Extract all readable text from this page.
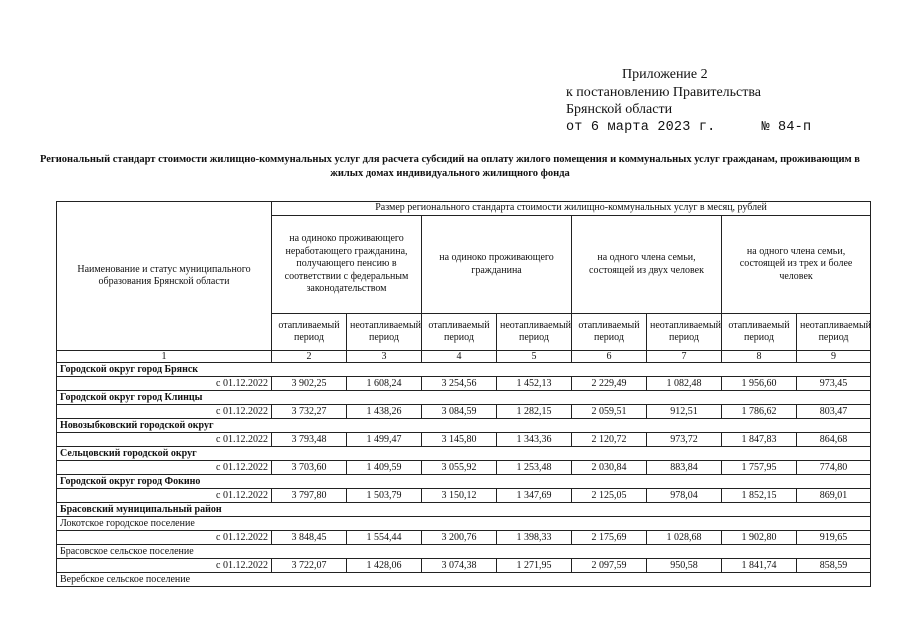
Приложение 2
к постановлению Правительства
Брянской области
от 6 марта 2023 г.	№ 84-п
Региональный стандарт стоимости жилищно-коммунальных услуг для расчета субсидий на оплату жилого помещения и коммунальных услуг гражданам, проживающим в жилых домах индивидуального жилищного фонда
Наименование и статус муниципального образования Брянской области	Размер регионального стандарта стоимости жилищно-коммунальных услуг в месяц, рублей							
	на одиноко проживающего неработающего гражданина, получающего пенсию в соответствии с федеральным законодательством		на одиноко проживающего гражданина		на одного члена семьи, состоящей из двух человек		на одного члена семьи, состоящей из трех и более человек	
	отапливаемый период	неотапливаемый период	отапливаемый период	неотапливаемый период	отапливаемый период	неотапливаемый период	отапливаемый период	неотапливаемый период
1	2	3	4	5	6	7	8	9
Городской округ город Брянск								
с 01.12.2022	3 902,25	1 608,24	3 254,56	1 452,13	2 229,49	1 082,48	1 956,60	973,45
Городской округ город Клинцы								
с 01.12.2022	3 732,27	1 438,26	3 084,59	1 282,15	2 059,51	912,51	1 786,62	803,47
Новозыбковский городской округ								
с 01.12.2022	3 793,48	1 499,47	3 145,80	1 343,36	2 120,72	973,72	1 847,83	864,68
Сельцовский городской округ								
с 01.12.2022	3 703,60	1 409,59	3 055,92	1 253,48	2 030,84	883,84	1 757,95	774,80
Городской округ город Фокино								
с 01.12.2022	3 797,80	1 503,79	3 150,12	1 347,69	2 125,05	978,04	1 852,15	869,01
Брасовский муниципальный район								
Локотское городское поселение								
с 01.12.2022	3 848,45	1 554,44	3 200,76	1 398,33	2 175,69	1 028,68	1 902,80	919,65
Брасовское сельское поселение								
с 01.12.2022	3 722,07	1 428,06	3 074,38	1 271,95	2 097,59	950,58	1 841,74	858,59
Веребское сельское поселение								
